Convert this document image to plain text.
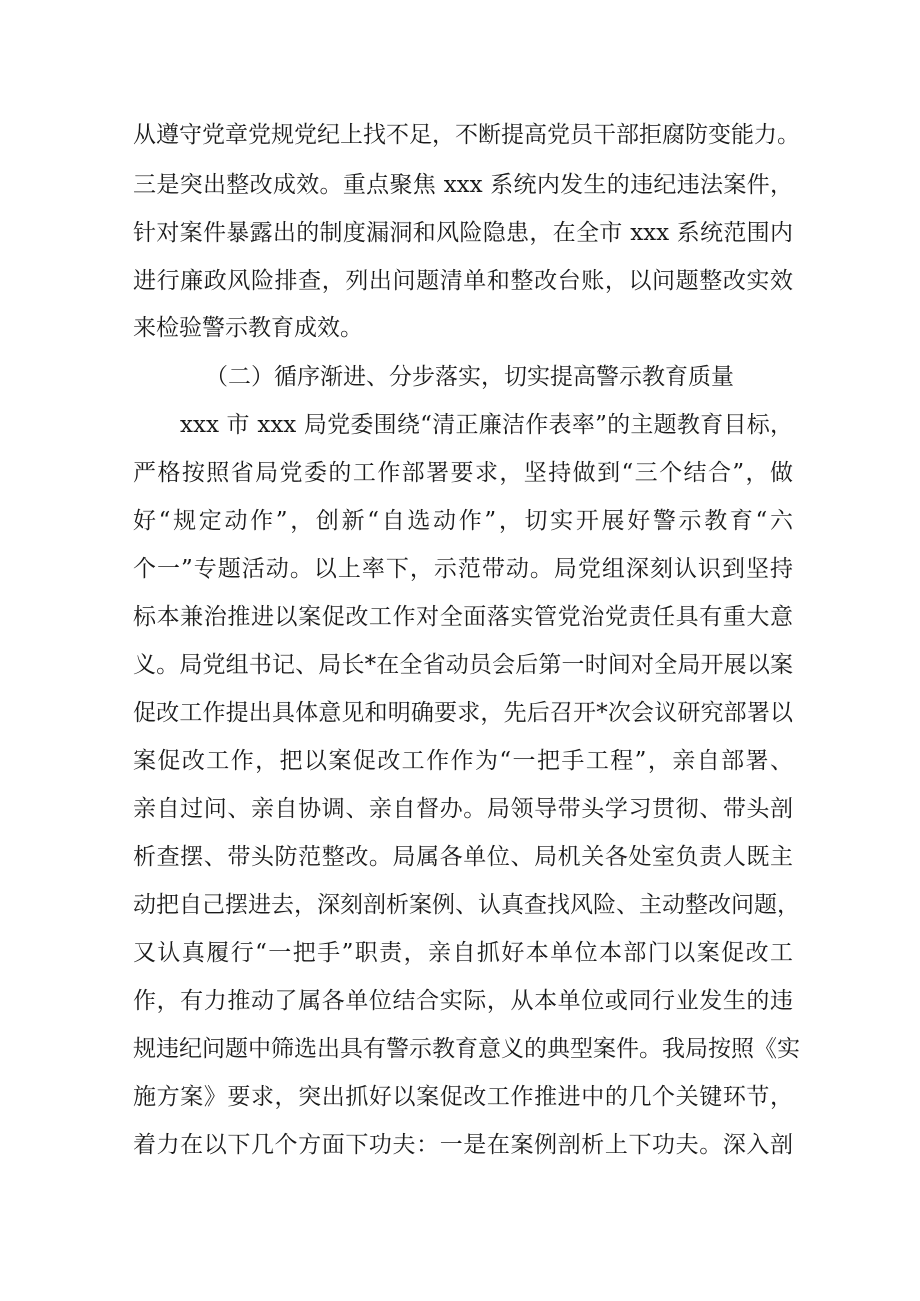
从遵守党章党规党纪上找不足，不断提高党员干部拒腐防变能力。
三是突出整改成效。重点聚焦 xxx 系统内发生的违纪违法案件，
针对案件暴露出的制度漏洞和风险隐患，在全市 xxx 系统范围内
进行廉政风险排查，列出问题清单和整改台账，以问题整改实效
来检验警示教育成效。
（二）循序渐进、分步落实，切实提高警示教育质量
xxx 市 xxx 局党委围绕“清正廉洁作表率”的主题教育目标，
严格按照省局党委的工作部署要求，坚持做到“三个结合”，做
好“规定动作”，创新“自选动作”，切实开展好警示教育“六
个一”专题活动。以上率下，示范带动。局党组深刻认识到坚持
标本兼治推进以案促改工作对全面落实管党治党责任具有重大意
义。局党组书记、局长*在全省动员会后第一时间对全局开展以案
促改工作提出具体意见和明确要求，先后召开*次会议研究部署以
案促改工作，把以案促改工作作为“一把手工程”，亲自部署、
亲自过问、亲自协调、亲自督办。局领导带头学习贯彻、带头剖
析查摆、带头防范整改。局属各单位、局机关各处室负责人既主
动把自己摆进去，深刻剖析案例、认真查找风险、主动整改问题，
又认真履行“一把手”职责，亲自抓好本单位本部门以案促改工
作，有力推动了属各单位结合实际，从本单位或同行业发生的违
规违纪问题中筛选出具有警示教育意义的典型案件。我局按照《实
施方案》要求，突出抓好以案促改工作推进中的几个关键环节，
着力在以下几个方面下功夫：一是在案例剖析上下功夫。深入剖
